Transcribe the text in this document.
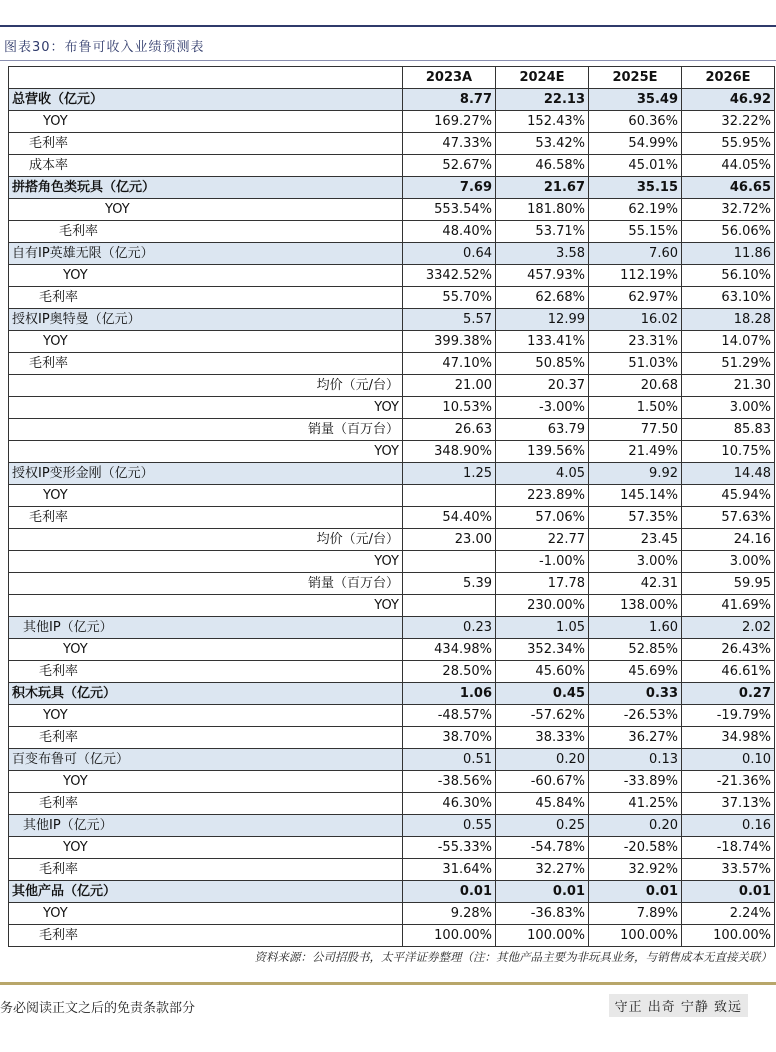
图表30：布鲁可收入业绩预测表
	2023A	2024E	2025E	2026E
总营收（亿元）	8.77	22.13	35.49	46.92
YOY	169.27%	152.43%	60.36%	32.22%
毛利率	47.33%	53.42%	54.99%	55.95%
成本率	52.67%	46.58%	45.01%	44.05%
拼搭角色类玩具（亿元）	7.69	21.67	35.15	46.65
YOY	553.54%	181.80%	62.19%	32.72%
毛利率	48.40%	53.71%	55.15%	56.06%
自有IP英雄无限（亿元）	0.64	3.58	7.60	11.86
YOY	3342.52%	457.93%	112.19%	56.10%
毛利率	55.70%	62.68%	62.97%	63.10%
授权IP奥特曼（亿元）	5.57	12.99	16.02	18.28
YOY	399.38%	133.41%	23.31%	14.07%
毛利率	47.10%	50.85%	51.03%	51.29%
均价（元/台）	21.00	20.37	20.68	21.30
YOY	10.53%	-3.00%	1.50%	3.00%
销量（百万台）	26.63	63.79	77.50	85.83
YOY	348.90%	139.56%	21.49%	10.75%
授权IP变形金刚（亿元）	1.25	4.05	9.92	14.48
YOY		223.89%	145.14%	45.94%
毛利率	54.40%	57.06%	57.35%	57.63%
均价（元/台）	23.00	22.77	23.45	24.16
YOY		-1.00%	3.00%	3.00%
销量（百万台）	5.39	17.78	42.31	59.95
YOY		230.00%	138.00%	41.69%
其他IP（亿元）	0.23	1.05	1.60	2.02
YOY	434.98%	352.34%	52.85%	26.43%
毛利率	28.50%	45.60%	45.69%	46.61%
积木玩具（亿元）	1.06	0.45	0.33	0.27
YOY	-48.57%	-57.62%	-26.53%	-19.79%
毛利率	38.70%	38.33%	36.27%	34.98%
百变布鲁可（亿元）	0.51	0.20	0.13	0.10
YOY	-38.56%	-60.67%	-33.89%	-21.36%
毛利率	46.30%	45.84%	41.25%	37.13%
其他IP（亿元）	0.55	0.25	0.20	0.16
YOY	-55.33%	-54.78%	-20.58%	-18.74%
毛利率	31.64%	32.27%	32.92%	33.57%
其他产品（亿元）	0.01	0.01	0.01	0.01
YOY	9.28%	-36.83%	7.89%	2.24%
毛利率	100.00%	100.00%	100.00%	100.00%
资料来源：公司招股书，太平洋证券整理（注：其他产品主要为非玩具业务，与销售成本无直接关联）
务必阅读正文之后的免责条款部分	守正 出奇 宁静 致远
